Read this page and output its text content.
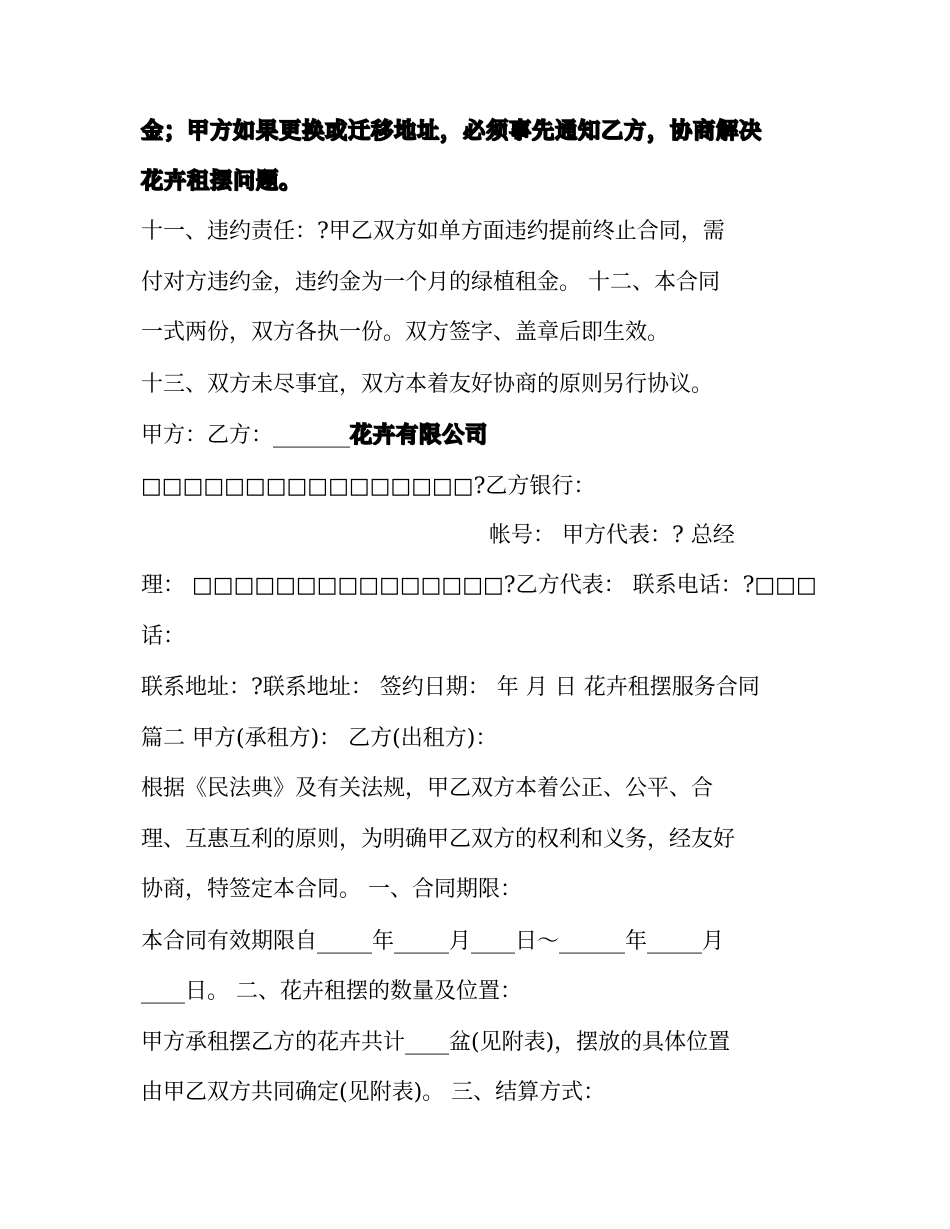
金；甲方如果更换或迁移地址，必须事先通知乙方，协商解决

花卉租摆问题。

十一、违约责任：?甲乙双方如单方面违约提前终止合同，需

付对方违约金，违约金为一个月的绿植租金。 十二、本合同

一式两份，双方各执一份。双方签字、盖章后即生效。

十三、双方未尽事宜，双方本着友好协商的原则另行协议。

甲方：乙方：_______花卉有限公司

□□□□□□□□□□□□□□□□?乙方银行：

帐号： 甲方代表：? 总经

理： □□□□□□□□□□□□□□□?乙方代表： 联系电话：?□□□

话：

联系地址：?联系地址： 签约日期： 年 月 日 花卉租摆服务合同

篇二 甲方(承租方)： 乙方(出租方)：

根据《民法典》及有关法规，甲乙双方本着公正、公平、合

理、互惠互利的原则，为明确甲乙双方的权利和义务，经友好

协商，特签定本合同。 一、合同期限：

本合同有效期限自_____年_____月____日～______年_____月

____日。 二、花卉租摆的数量及位置：

甲方承租摆乙方的花卉共计____盆(见附表)，摆放的具体位置

由甲乙双方共同确定(见附表)。 三、结算方式：
